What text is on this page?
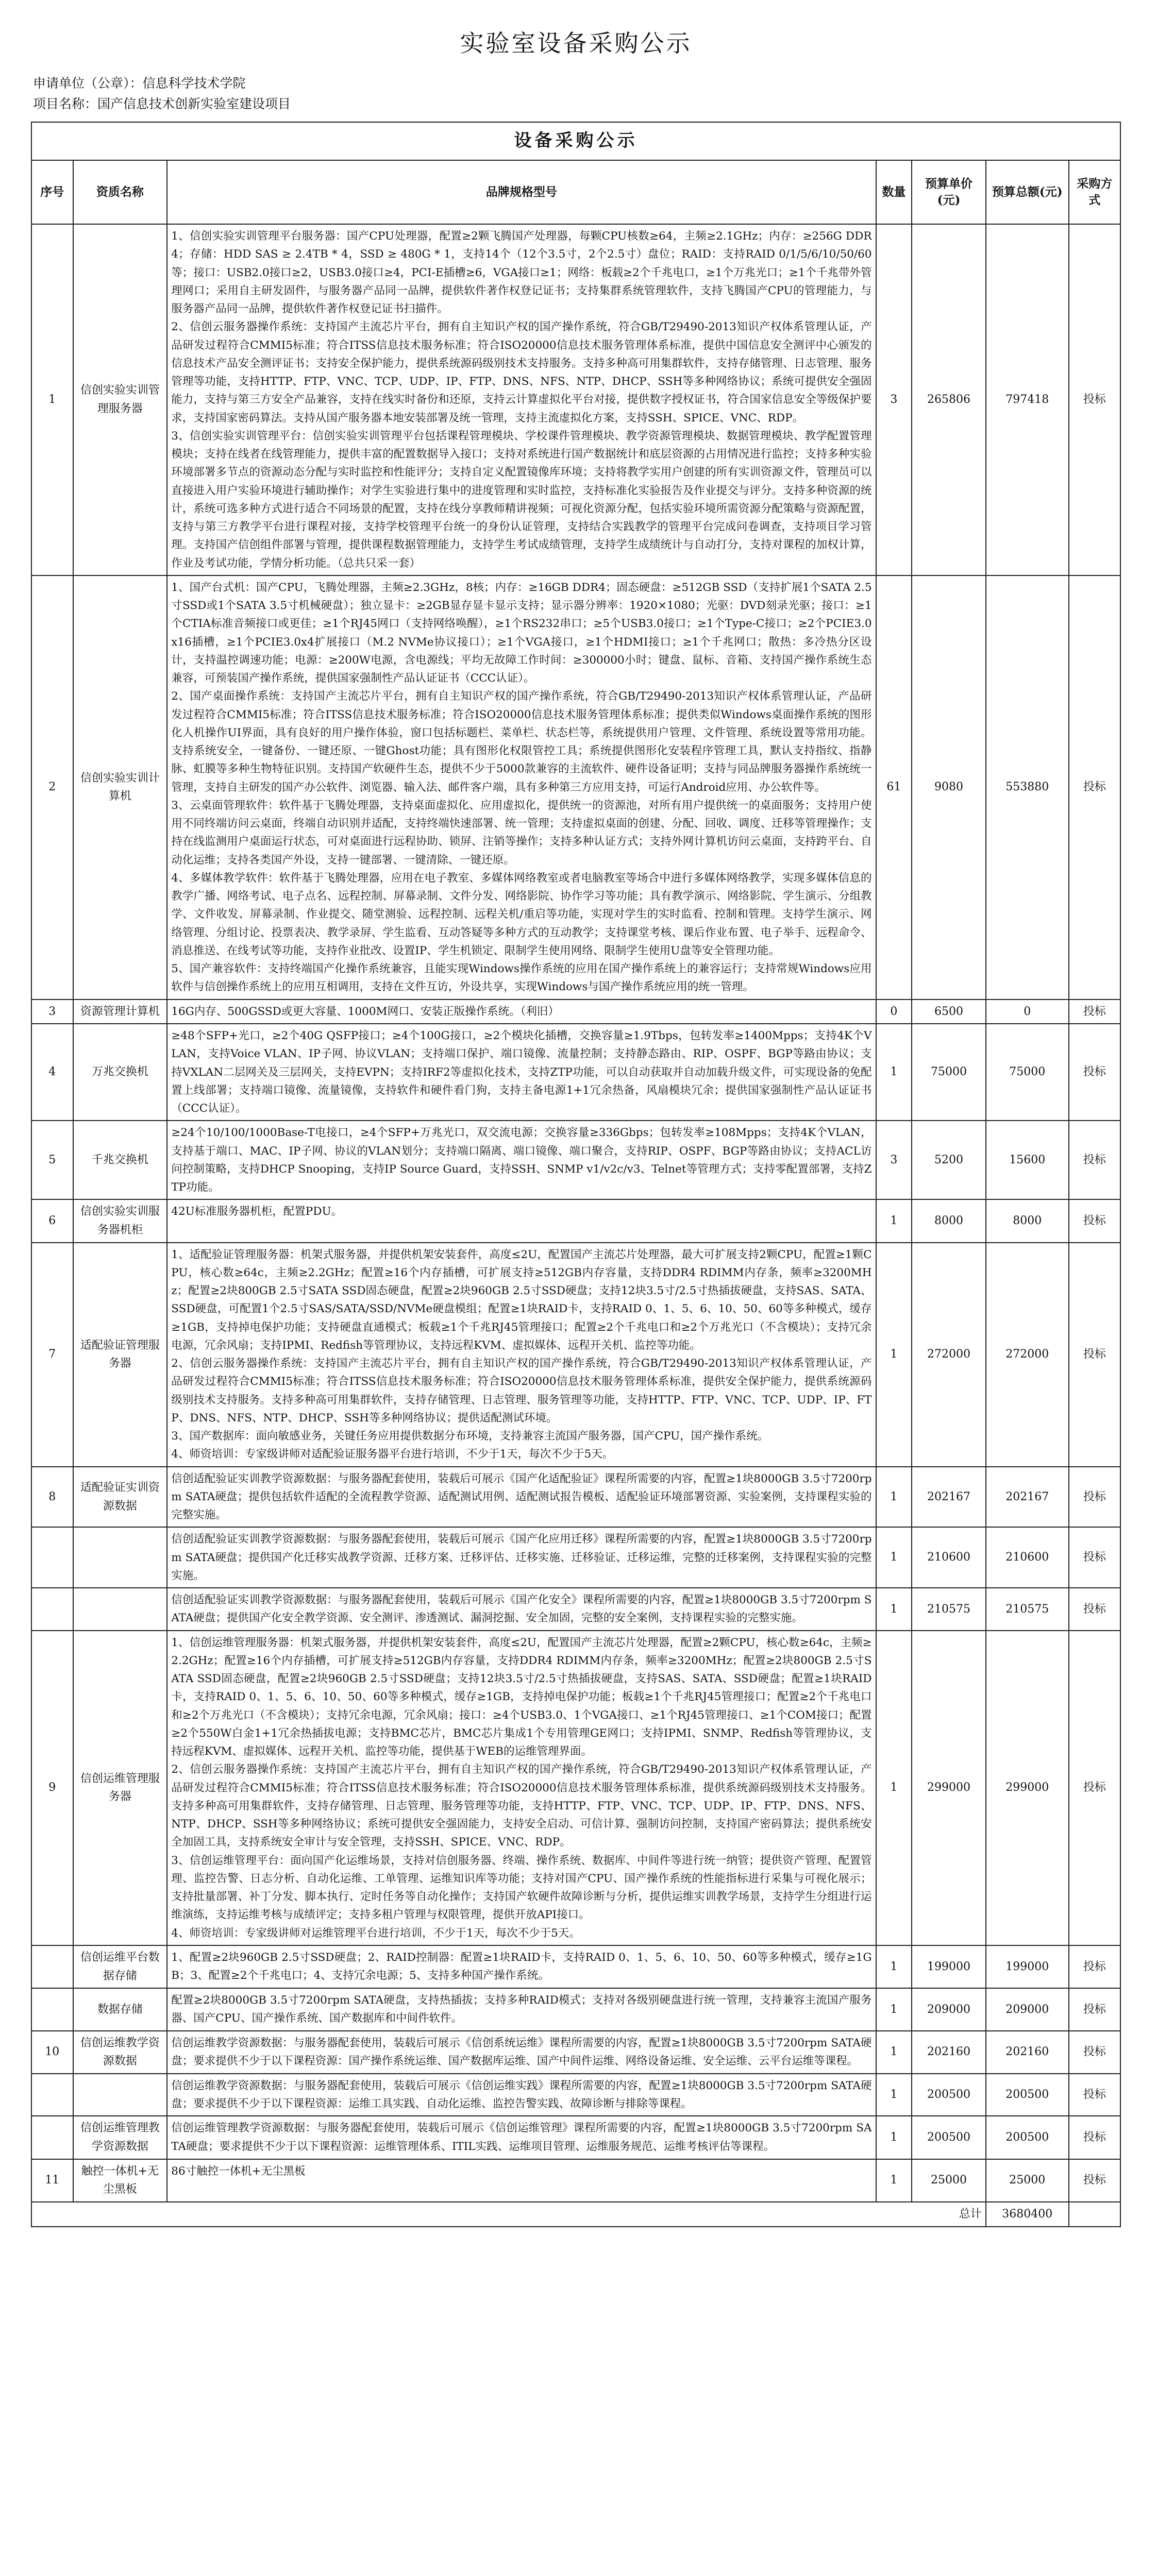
实验室设备采购公示
申请单位（公章）：信息科学技术学院
项目名称：国产信息技术创新实验室建设项目
设备采购公示						
序号	资质名称	品牌规格型号	数量	预算单价(元)	预算总额(元)	采购方式
1	信创实验实训管理服务器	1、信创实验实训管理平台服务器：国产CPU处理器，配置≥2颗飞腾国产处理器，每颗CPU核数≥64，主频≥2.1GHz；内存：≥256G DDR4；存储：HDD SAS ≥ 2.4TB * 4，SSD ≥ 480G * 1，支持14个（12个3.5寸，2个2.5寸）盘位；RAID：支持RAID 0/1/5/6/10/50/60等；接口：USB2.0接口≥2，USB3.0接口≥4，PCI-E插槽≥6，VGA接口≥1；网络：板载≥2个千兆电口，≥1个万兆光口；≥1个千兆带外管理网口；采用自主研发固件，与服务器产品同一品牌，提供软件著作权登记证书；支持集群系统管理软件，支持飞腾国产CPU的管理能力，与服务器产品同一品牌，提供软件著作权登记证书扫描件。
2、信创云服务器操作系统：支持国产主流芯片平台，拥有自主知识产权的国产操作系统，符合GB/T29490-2013知识产权体系管理认证，产品研发过程符合CMMI5标准；符合ITSS信息技术服务标准；符合ISO20000信息技术服务管理体系标准，提供中国信息安全测评中心颁发的信息技术产品安全测评证书；支持安全保护能力，提供系统源码级别技术支持服务。支持多种高可用集群软件，支持存储管理、日志管理、服务管理等功能，支持HTTP、FTP、VNC、TCP、UDP、IP、FTP、DNS、NFS、NTP、DHCP、SSH等多种网络协议；系统可提供安全强固能力，支持与第三方安全产品兼容，支持在线实时备份和还原，支持云计算虚拟化平台对接，提供数字授权证书，符合国家信息安全等级保护要求，支持国家密码算法。支持从国产服务器本地安装部署及统一管理，支持主流虚拟化方案，支持SSH、SPICE、VNC、RDP。
3、信创实验实训管理平台：信创实验实训管理平台包括课程管理模块、学校课件管理模块、教学资源管理模块、数据管理模块、教学配置管理模块；支持在线者在线管理能力，提供丰富的配置数据导入接口；支持对系统进行国产数据统计和底层资源的占用情况进行监控；支持多种实验环境部署多节点的资源动态分配与实时监控和性能评分；支持自定义配置镜像库环境；支持将教学实用户创建的所有实训资源文件，管理员可以直接进入用户实验环境进行辅助操作；对学生实验进行集中的进度管理和实时监控，支持标准化实验报告及作业提交与评分。支持多种资源的统计，系统可选多种方式进行适合不同场景的配置，支持在线分享教师精讲视频；可视化资源分配，包括实验环境所需资源分配策略与资源配置，支持与第三方教学平台进行课程对接，支持学校管理平台统一的身份认证管理，支持结合实践教学的管理平台完成问卷调查，支持项目学习管理。支持国产信创组件部署与管理，提供课程数据管理能力，支持学生考试成绩管理，支持学生成绩统计与自动打分，支持对课程的加权计算，作业及考试功能，学情分析功能。（总共只采一套）	3	265806	797418	投标
2	信创实验实训计算机	1、国产台式机：国产CPU，飞腾处理器，主频≥2.3GHz，8核；内存：≥16GB DDR4；固态硬盘：≥512GB SSD（支持扩展1个SATA 2.5寸SSD或1个SATA 3.5寸机械硬盘）；独立显卡：≥2GB显存显卡显示支持；显示器分辨率：1920×1080；光驱：DVD刻录光驱；接口：≥1个CTIA标准音频接口或更佳；≥1个RJ45网口（支持网络唤醒），≥1个RS232串口；≥5个USB3.0接口；≥1个Type-C接口；≥2个PCIE3.0x16插槽，≥1个PCIE3.0x4扩展接口（M.2 NVMe协议接口）；≥1个VGA接口，≥1个HDMI接口；≥1个千兆网口；散热：多冷热分区设计，支持温控调速功能；电源：≥200W电源，含电源线；平均无故障工作时间：≥300000小时；键盘、鼠标、音箱、支持国产操作系统生态兼容，可预装国产操作系统，提供国家强制性产品认证证书（CCC认证）。
2、国产桌面操作系统：支持国产主流芯片平台，拥有自主知识产权的国产操作系统，符合GB/T29490-2013知识产权体系管理认证，产品研发过程符合CMMI5标准；符合ITSS信息技术服务标准；符合ISO20000信息技术服务管理体系标准；提供类似Windows桌面操作系统的图形化人机操作UI界面，具有良好的用户操作体验，窗口包括标题栏、菜单栏、状态栏等，系统提供用户管理、文件管理、系统设置等常用功能。支持系统安全，一键备份、一键还原、一键Ghost功能；具有图形化权限管控工具；系统提供图形化安装程序管理工具，默认支持指纹、指静脉、虹膜等多种生物特征识别。支持国产软硬件生态，提供不少于5000款兼容的主流软件、硬件设备证明；支持与同品牌服务器操作系统统一管理，支持自主研发的国产办公软件、浏览器、输入法、邮件客户端，具有多种第三方应用支持，可运行Android应用、办公软件等。
3、云桌面管理软件：软件基于飞腾处理器，支持桌面虚拟化、应用虚拟化，提供统一的资源池，对所有用户提供统一的桌面服务；支持用户使用不同终端访问云桌面，终端自动识别并适配，支持终端快速部署、统一管理；支持虚拟桌面的创建、分配、回收、调度、迁移等管理操作；支持在线监测用户桌面运行状态，可对桌面进行远程协助、锁屏、注销等操作；支持多种认证方式；支持外网计算机访问云桌面，支持跨平台、自动化运维；支持各类国产外设，支持一键部署、一键清除、一键还原。
4、多媒体教学软件：软件基于飞腾处理器，应用在电子教室、多媒体网络教室或者电脑教室等场合中进行多媒体网络教学，实现多媒体信息的教学广播、网络考试、电子点名、远程控制、屏幕录制、文件分发、网络影院、协作学习等功能；具有教学演示、网络影院、学生演示、分组教学、文件收发、屏幕录制、作业提交、随堂测验、远程控制、远程关机/重启等功能，实现对学生的实时监看、控制和管理。支持学生演示、网络管理、分组讨论、投票表决、教学录屏、学生监看、互动答疑等多种方式的互动教学；支持课堂考核、课后作业布置、电子举手、远程命令、消息推送、在线考试等功能，支持作业批改、设置IP、学生机锁定、限制学生使用网络、限制学生使用U盘等安全管理功能。
5、国产兼容软件：支持终端国产化操作系统兼容，且能实现Windows操作系统的应用在国产操作系统上的兼容运行；支持常规Windows应用软件与信创操作系统上的应用互相调用，支持在文件互访，外设共享，实现Windows与国产操作系统应用的统一管理。	61	9080	553880	投标
3	资源管理计算机	16G内存、500GSSD或更大容量、1000M网口、安装正版操作系统。（利旧）	0	6500	0	投标
4	万兆交换机	≥48个SFP+光口，≥2个40G QSFP接口；≥4个100G接口，≥2个模块化插槽，交换容量≥1.9Tbps，包转发率≥1400Mpps；支持4K个VLAN，支持Voice VLAN、IP子网、协议VLAN；支持端口保护、端口镜像、流量控制；支持静态路由、RIP、OSPF、BGP等路由协议；支持VXLAN二层网关及三层网关，支持EVPN；支持IRF2等虚拟化技术，支持ZTP功能，可以自动获取并自动加载升级文件，可实现设备的免配置上线部署；支持端口镜像、流量镜像，支持软件和硬件看门狗，支持主备电源1+1冗余热备，风扇模块冗余；提供国家强制性产品认证证书（CCC认证）。	1	75000	75000	投标
5	千兆交换机	≥24个10/100/1000Base-T电接口，≥4个SFP+万兆光口，双交流电源；交换容量≥336Gbps；包转发率≥108Mpps；支持4K个VLAN，支持基于端口、MAC、IP子网、协议的VLAN划分；支持端口隔离、端口镜像、端口聚合，支持RIP、OSPF、BGP等路由协议；支持ACL访问控制策略，支持DHCP Snooping，支持IP Source Guard，支持SSH、SNMP v1/v2c/v3、Telnet等管理方式；支持零配置部署，支持ZTP功能。	3	5200	15600	投标
6	信创实验实训服务器机柜	42U标准服务器机柜，配置PDU。	1	8000	8000	投标
7	适配验证管理服务器	1、适配验证管理服务器：机架式服务器，并提供机架安装套件，高度≤2U，配置国产主流芯片处理器，最大可扩展支持2颗CPU，配置≥1颗CPU，核心数≥64c，主频≥2.2GHz；配置≥16个内存插槽，可扩展支持≥512GB内存容量，支持DDR4 RDIMM内存条，频率≥3200MHz；配置≥2块800GB 2.5寸SATA SSD固态硬盘，配置≥2块960GB 2.5寸SSD硬盘；支持12块3.5寸/2.5寸热插拔硬盘，支持SAS、SATA、SSD硬盘，可配置1个2.5寸SAS/SATA/SSD/NVMe硬盘模组；配置≥1块RAID卡，支持RAID 0、1、5、6、10、50、60等多种模式，缓存≥1GB，支持掉电保护功能；支持硬盘直通模式；板载≥1个千兆RJ45管理接口；配置≥2个千兆电口和≥2个万兆光口（不含模块）；支持冗余电源，冗余风扇；支持IPMI、Redfish等管理协议，支持远程KVM、虚拟媒体、远程开关机、监控等功能。
2、信创云服务器操作系统：支持国产主流芯片平台，拥有自主知识产权的国产操作系统，符合GB/T29490-2013知识产权体系管理认证，产品研发过程符合CMMI5标准；符合ITSS信息技术服务标准；符合ISO20000信息技术服务管理体系标准，提供安全保护能力，提供系统源码级别技术支持服务。支持多种高可用集群软件，支持存储管理、日志管理、服务管理等功能，支持HTTP、FTP、VNC、TCP、UDP、IP、FTP、DNS、NFS、NTP、DHCP、SSH等多种网络协议；提供适配测试环境。
3、国产数据库：面向敏感业务，关键任务应用提供数据分布环境，支持兼容主流国产服务器，国产CPU，国产操作系统。
4、师资培训：专家级讲师对适配验证服务器平台进行培训，不少于1天，每次不少于5天。	1	272000	272000	投标
8	适配验证实训资源数据	信创适配验证实训教学资源数据：与服务器配套使用，装载后可展示《国产化适配验证》课程所需要的内容，配置≥1块8000GB 3.5寸7200rpm SATA硬盘；提供包括软件适配的全流程教学资源、适配测试用例、适配测试报告模板、适配验证环境部署资源、实验案例，支持课程实验的完整实施。	1	202167	202167	投标

		信创适配验证实训教学资源数据：与服务器配套使用，装载后可展示《国产化应用迁移》课程所需要的内容，配置≥1块8000GB 3.5寸7200rpm SATA硬盘；提供国产化迁移实战教学资源、迁移方案、迁移评估、迁移实施、迁移验证、迁移运维，完整的迁移案例，支持课程实验的完整实施。	1	210600	210600	投标

		信创适配验证实训教学资源数据：与服务器配套使用，装载后可展示《国产化安全》课程所需要的内容，配置≥1块8000GB 3.5寸7200rpm SATA硬盘；提供国产化安全教学资源、安全测评、渗透测试、漏洞挖掘、安全加固，完整的安全案例，支持课程实验的完整实施。	1	210575	210575	投标
9	信创运维管理服务器	1、信创运维管理服务器：机架式服务器，并提供机架安装套件，高度≤2U，配置国产主流芯片处理器，配置≥2颗CPU，核心数≥64c，主频≥2.2GHz；配置≥16个内存插槽，可扩展支持≥512GB内存容量，支持DDR4 RDIMM内存条，频率≥3200MHz；配置≥2块800GB 2.5寸SATA SSD固态硬盘，配置≥2块960GB 2.5寸SSD硬盘；支持12块3.5寸/2.5寸热插拔硬盘，支持SAS、SATA、SSD硬盘；配置≥1块RAID卡，支持RAID 0、1、5、6、10、50、60等多种模式，缓存≥1GB，支持掉电保护功能；板载≥1个千兆RJ45管理接口；配置≥2个千兆电口和≥2个万兆光口（不含模块）；支持冗余电源，冗余风扇；接口：≥4个USB3.0、1个VGA接口、≥1个RJ45管理接口、≥1个COM接口；配置≥2个550W白金1+1冗余热插拔电源；支持BMC芯片，BMC芯片集成1个专用管理GE网口；支持IPMI、SNMP、Redfish等管理协议，支持远程KVM、虚拟媒体、远程开关机、监控等功能，提供基于WEB的运维管理界面。
2、信创云服务器操作系统：支持国产主流芯片平台，拥有自主知识产权的国产操作系统，符合GB/T29490-2013知识产权体系管理认证，产品研发过程符合CMMI5标准；符合ITSS信息技术服务标准；符合ISO20000信息技术服务管理体系标准，提供系统源码级别技术支持服务。支持多种高可用集群软件，支持存储管理、日志管理、服务管理等功能，支持HTTP、FTP、VNC、TCP、UDP、IP、FTP、DNS、NFS、NTP、DHCP、SSH等多种网络协议；系统可提供安全强固能力，支持安全启动、可信计算、强制访问控制，支持国产密码算法；提供系统安全加固工具，支持系统安全审计与安全管理，支持SSH、SPICE、VNC、RDP。
3、信创运维管理平台：面向国产化运维场景，支持对信创服务器、终端、操作系统、数据库、中间件等进行统一纳管；提供资产管理、配置管理、监控告警、日志分析、自动化运维、工单管理、运维知识库等功能；支持对国产CPU、国产操作系统的性能指标进行采集与可视化展示；支持批量部署、补丁分发、脚本执行、定时任务等自动化操作；支持国产软硬件故障诊断与分析，提供运维实训教学场景，支持学生分组进行运维演练，支持运维考核与成绩评定；支持多租户管理与权限管理，提供开放API接口。
4、师资培训：专家级讲师对运维管理平台进行培训，不少于1天，每次不少于5天。	1	299000	299000	投标
	信创运维平台数据存储	1、配置≥2块960GB 2.5寸SSD硬盘；2、RAID控制器：配置≥1块RAID卡，支持RAID 0、1、5、6、10、50、60等多种模式，缓存≥1GB；3、配置≥2个千兆电口；4、支持冗余电源；5、支持多种国产操作系统。	1	199000	199000	投标
	数据存储	配置≥2块8000GB 3.5寸7200rpm SATA硬盘，支持热插拔；支持多种RAID模式；支持对各级别硬盘进行统一管理，支持兼容主流国产服务器、国产CPU、国产操作系统、国产数据库和中间件软件。	1	209000	209000	投标
10	信创运维教学资源数据	信创运维教学资源数据：与服务器配套使用，装载后可展示《信创系统运维》课程所需要的内容，配置≥1块8000GB 3.5寸7200rpm SATA硬盘；要求提供不少于以下课程资源：国产操作系统运维、国产数据库运维、国产中间件运维、网络设备运维、安全运维、云平台运维等课程。	1	202160	202160	投标

		信创运维教学资源数据：与服务器配套使用，装载后可展示《信创运维实践》课程所需要的内容，配置≥1块8000GB 3.5寸7200rpm SATA硬盘；要求提供不少于以下课程资源：运维工具实践、自动化运维、监控告警实践、故障诊断与排除等课程。	1	200500	200500	投标
	信创运维管理教学资源数据	信创运维管理教学资源数据：与服务器配套使用，装载后可展示《信创运维管理》课程所需要的内容，配置≥1块8000GB 3.5寸7200rpm SATA硬盘；要求提供不少于以下课程资源：运维管理体系、ITIL实践、运维项目管理、运维服务规范、运维考核评估等课程。	1	200500	200500	投标
11	触控一体机+无尘黑板	86寸触控一体机+无尘黑板	1	25000	25000	投标
总计					3680400	
